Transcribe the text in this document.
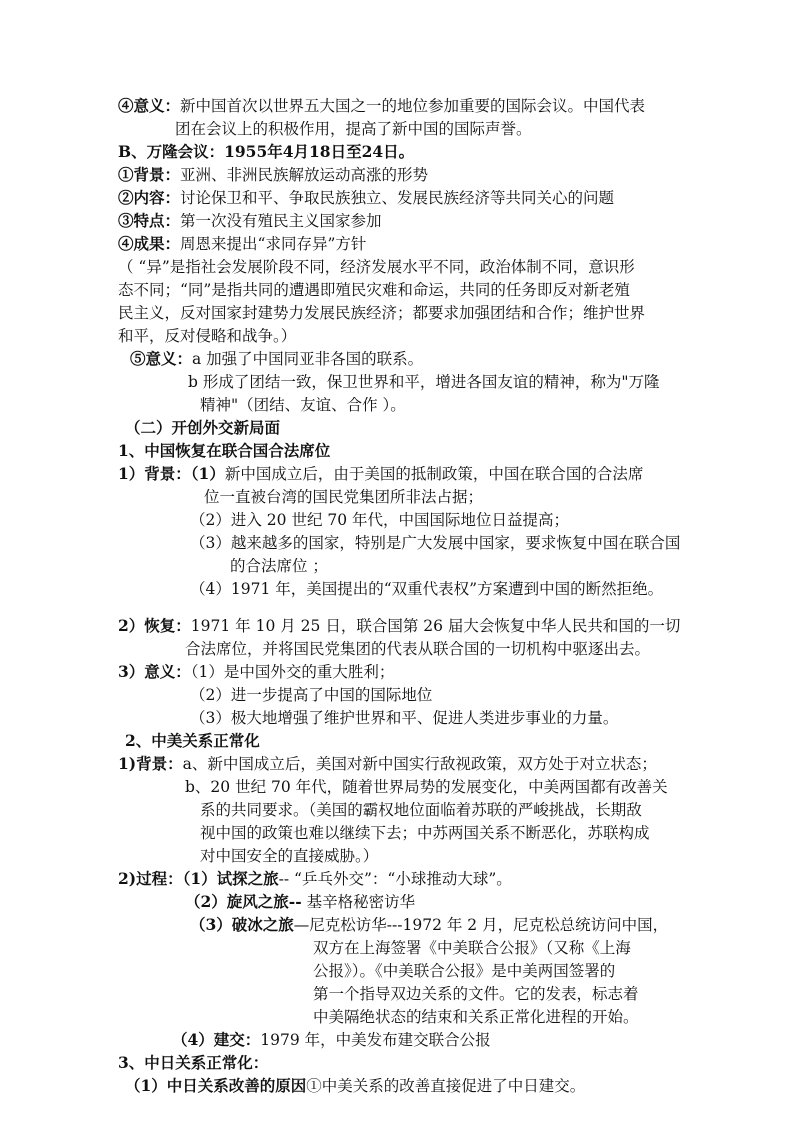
④意义：新中国首次以世界五大国之一的地位参加重要的国际会议。中国代表
团在会议上的积极作用，提高了新中国的国际声誉。
B、万隆会议：1955年4月18日至24日。
①背景：亚洲、非洲民族解放运动高涨的形势
②内容：讨论保卫和平、争取民族独立、发展民族经济等共同关心的问题
③特点：第一次没有殖民主义国家参加
④成果：周恩来提出“求同存异”方针
（ “异”是指社会发展阶段不同，经济发展水平不同，政治体制不同，意识形
态不同；“同”是指共同的遭遇即殖民灾难和命运，共同的任务即反对新老殖
民主义，反对国家封建势力发展民族经济；都要求加强团结和合作；维护世界
和平，反对侵略和战争。）
⑤意义：a 加强了中国同亚非各国的联系。
b 形成了团结一致，保卫世界和平，增进各国友谊的精神，称为"万隆
精神"（团结、友谊、合作 ）。
（二）开创外交新局面
1、中国恢复在联合国合法席位
1）背景：（1）新中国成立后，由于美国的抵制政策，中国在联合国的合法席
位一直被台湾的国民党集团所非法占据；
（2）进入 20 世纪 70 年代，中国国际地位日益提高；
（3）越来越多的国家，特别是广大发展中国家，要求恢复中国在联合国
的合法席位 ；
（4）1971 年，美国提出的“双重代表权”方案遭到中国的断然拒绝。
2）恢复：1971 年 10 月 25 日，联合国第 26 届大会恢复中华人民共和国的一切
合法席位，并将国民党集团的代表从联合国的一切机构中驱逐出去。
3）意义：（1）是中国外交的重大胜利；
（2）进一步提高了中国的国际地位
（3）极大地增强了维护世界和平、促进人类进步事业的力量。
2、中美关系正常化
1)背景：a、新中国成立后，美国对新中国实行敌视政策，双方处于对立状态；
b、20 世纪 70 年代，随着世界局势的发展变化，中美两国都有改善关
系的共同要求。（美国的霸权地位面临着苏联的严峻挑战，长期敌
视中国的政策也难以继续下去；中苏两国关系不断恶化，苏联构成
对中国安全的直接威胁。）
2)过程：（1）试探之旅-- “乒乓外交”：“小球推动大球”。
（2）旋风之旅-- 基辛格秘密访华
（3）破冰之旅—尼克松访华---1972 年 2 月，尼克松总统访问中国，
双方在上海签署《中美联合公报》（又称《上海
公报》）。《中美联合公报》是中美两国签署的
第一个指导双边关系的文件。它的发表，标志着
中美隔绝状态的结束和关系正常化进程的开始。
（4）建交：1979 年，中美发布建交联合公报
3、中日关系正常化：
（1）中日关系改善的原因①中美关系的改善直接促进了中日建交。
